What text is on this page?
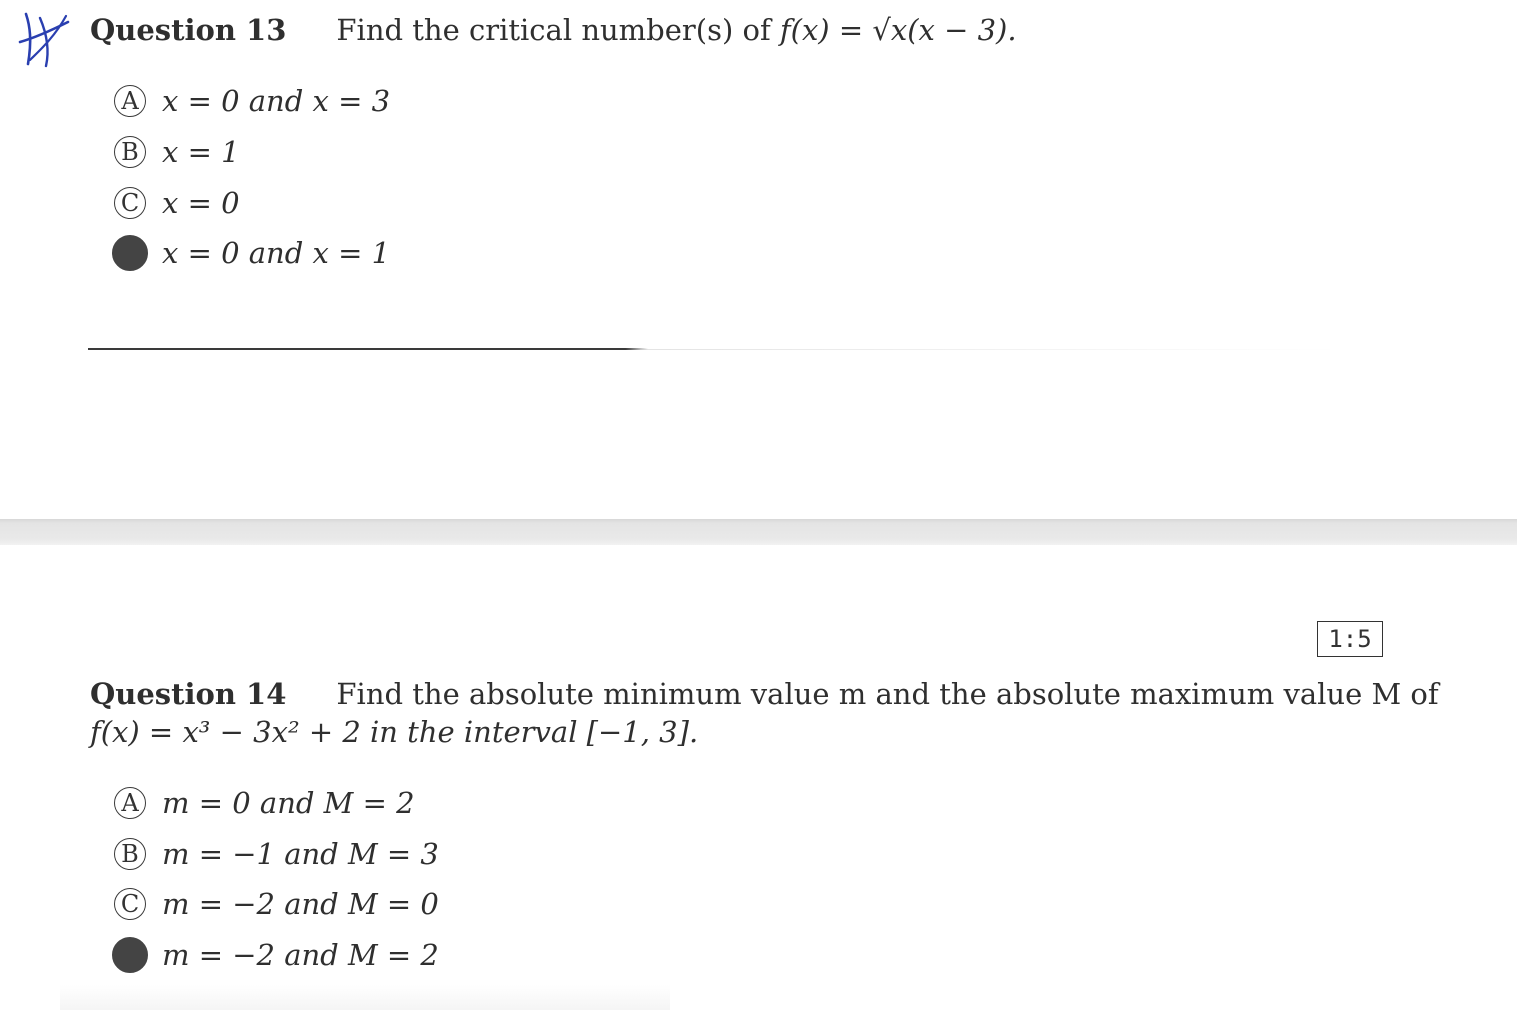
Question 13 Find the critical number(s) of f(x) = √x(x − 3).
A x = 0 and x = 3
B x = 1
C x = 0
x = 0 and x = 1
1:5
Question 14 Find the absolute minimum value m and the absolute maximum value M of
f(x) = x³ − 3x² + 2 in the interval [−1, 3].
A m = 0 and M = 2
B m = −1 and M = 3
C m = −2 and M = 0
m = −2 and M = 2
